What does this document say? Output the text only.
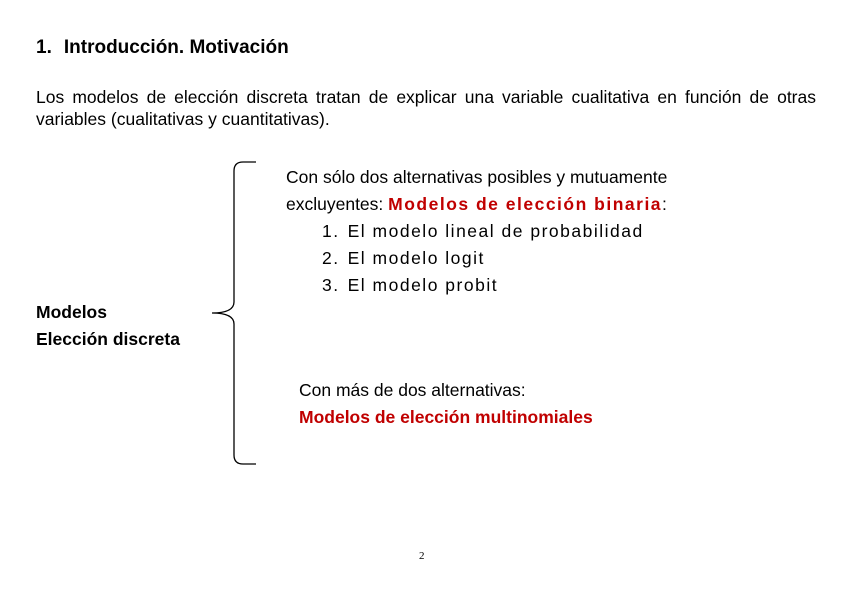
1. Introducción. Motivación
Los modelos de elección discreta tratan de explicar una variable cualitativa en función de otras variables (cualitativas y cuantitativas).
Modelos
Elección discreta
Con sólo dos alternativas posibles y mutuamente
excluyentes: Modelos de elección binaria:
1. El modelo lineal de probabilidad
2. El modelo logit
3. El modelo probit
Con más de dos alternativas:
Modelos de elección multinomiales
2
